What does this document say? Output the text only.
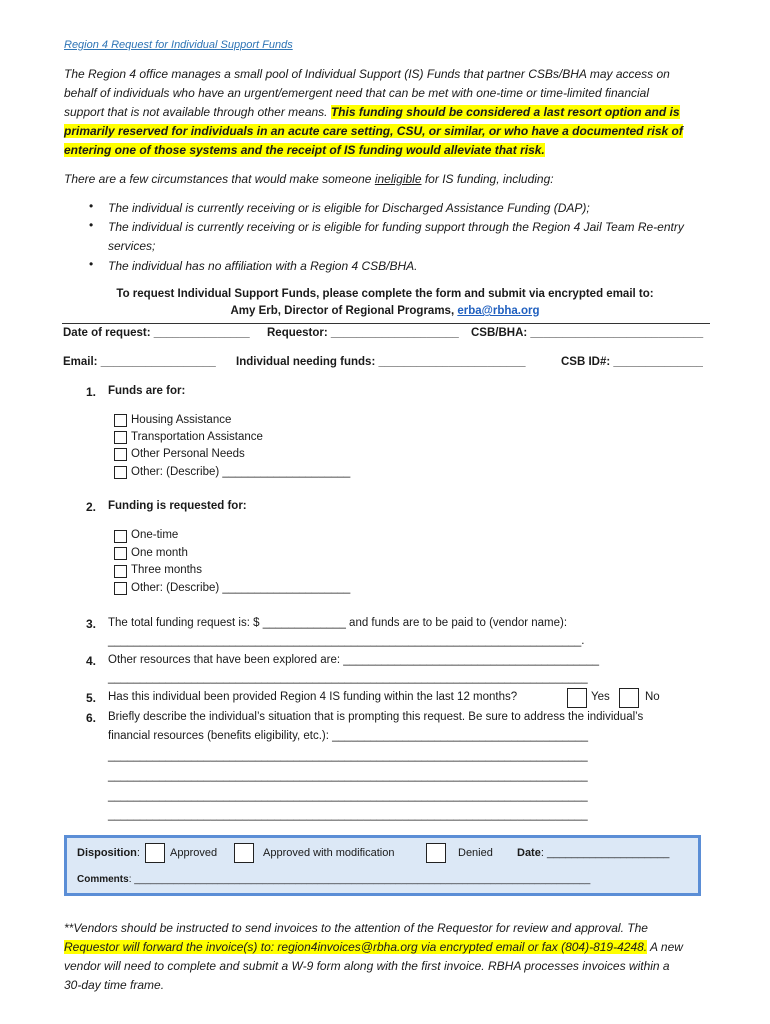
Region 4 Request for Individual Support Funds
The Region 4 office manages a small pool of Individual Support (IS) Funds that partner CSBs/BHA may access on
behalf of individuals who have an urgent/emergent need that can be met with one-time or time-limited financial
support that is not available through other means. This funding should be considered a last resort option and is
primarily reserved for individuals in an acute care setting, CSU, or similar, or who have a documented risk of
entering one of those systems and the receipt of IS funding would alleviate that risk.
There are a few circumstances that would make someone ineligible for IS funding, including:
• The individual is currently receiving or is eligible for Discharged Assistance Funding (DAP);
• The individual is currently receiving or is eligible for funding support through the Region 4 Jail Team Re-entry
services;
• The individual has no affiliation with a Region 4 CSB/BHA.
To request Individual Support Funds, please complete the form and submit via encrypted email to:
Amy Erb, Director of Regional Programs, erba@rbha.org
Date of request: _______________ Requestor: ____________________ CSB/BHA: ___________________________
Email: __________________ Individual needing funds: _______________________	CSB ID#: ______________
1. Funds are for:
Housing Assistance
Transportation Assistance
Other Personal Needs
Other: (Describe) ____________________
2. Funding is requested for:
One-time
One month
Three months
Other: (Describe) ____________________
3. The total funding request is: $ _____________ and funds are to be paid to (vendor name):
__________________________________________________________________________.
4. Other resources that have been explored are: ________________________________________
___________________________________________________________________________
5. Has this individual been provided Region 4 IS funding within the last 12 months?	Yes	No
6. Briefly describe the individual’s situation that is prompting this request. Be sure to address the individual’s
financial resources (benefits eligibility, etc.): ________________________________________
___________________________________________________________________________
___________________________________________________________________________
___________________________________________________________________________
___________________________________________________________________________
Disposition:	Approved	Approved with modification	Denied Date: ____________________
Comments: __________________________________________________________________________________
**Vendors should be instructed to send invoices to the attention of the Requestor for review and approval. The
Requestor will forward the invoice(s) to: region4invoices@rbha.org via encrypted email or fax (804)-819-4248. A new
vendor will need to complete and submit a W-9 form along with the first invoice. RBHA processes invoices within a
30-day time frame.
